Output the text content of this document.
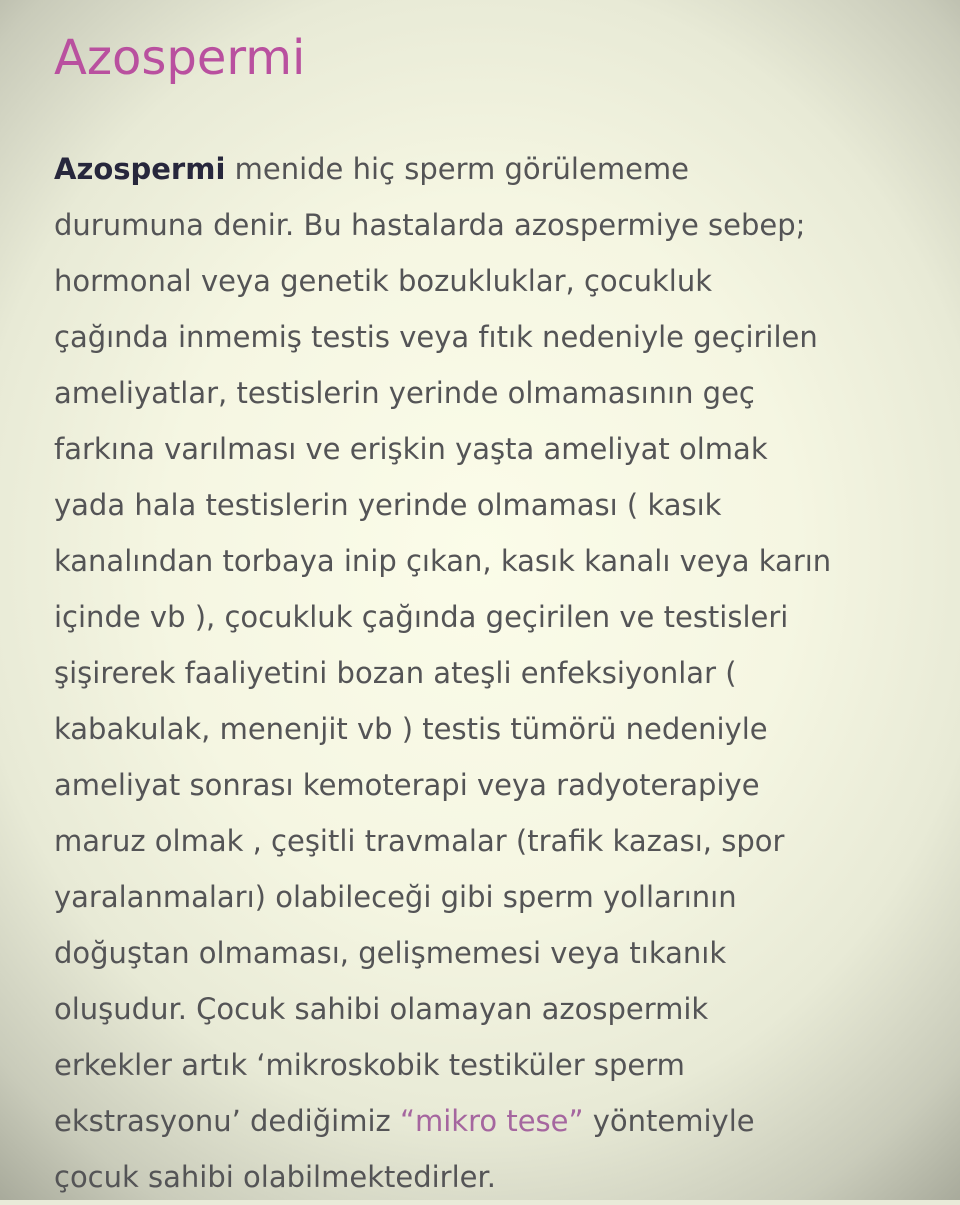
Azospermi
Azospermi menide hiç sperm görülememe
durumuna denir. Bu hastalarda azospermiye sebep;
hormonal veya genetik bozukluklar, çocukluk
çağında inmemiş testis veya fıtık nedeniyle geçirilen
ameliyatlar, testislerin yerinde olmamasının geç
farkına varılması ve erişkin yaşta ameliyat olmak
yada hala testislerin yerinde olmaması ( kasık
kanalından torbaya inip çıkan, kasık kanalı veya karın
içinde vb ), çocukluk çağında geçirilen ve testisleri
şişirerek faaliyetini bozan ateşli enfeksiyonlar (
kabakulak, menenjit vb ) testis tümörü nedeniyle
ameliyat sonrası kemoterapi veya radyoterapiye
maruz olmak , çeşitli travmalar (trafik kazası, spor
yaralanmaları) olabileceği gibi sperm yollarının
doğuştan olmaması, gelişmemesi veya tıkanık
oluşudur. Çocuk sahibi olamayan azospermik
erkekler artık ‘mikroskobik testiküler sperm
ekstrasyonu’ dediğimiz “mikro tese” yöntemiyle
çocuk sahibi olabilmektedirler.
